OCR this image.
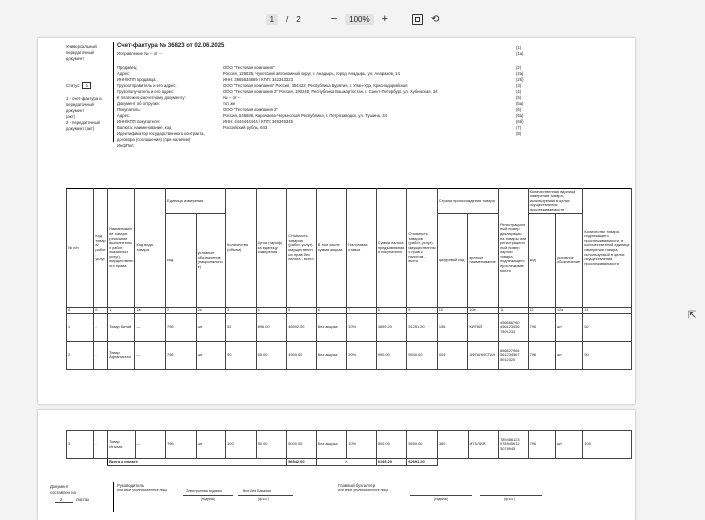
1	/ 2	−	100%	+	⟲
⇱
Универсальный
передаточный
документ
Статус: 1
1 - счет-фактура и
передаточный
документ
(акт)
2 - передаточный
документ (акт)
Счет-фактура № 36823 от 02.06.2025
Исправление № -- от --
(1)
(1а)
№ п/п	Код товара/ работ, услуг	Наименование товара (описание выполненных работ, оказанных услуг), имущественного права	Код вида товара	Единица измерения		Количество (объем)	Цена (тариф) за единицу измерения	Стоимость товаров (работ, услуг), имущественных прав без налога - всего	В том числе сумма акциза	Налоговая ставка	Сумма налога, предъявляемая покупателю	Стоимость товаров (работ, услуг), имущественных прав с налогом - всего	Страна происхождения товара		Регистрационный номер декларации на товары или регистрационный номер партии товара, подлежащего прослеживаемости	Количественная единица измерения товара, используемая в целях осуществления прослеживаемости		Количество товара, подлежащего прослеживаемости, в количественной единице измерения товара, используемой в целях осуществления прослеживаемости
				код	условное обозначение (национальное)								цифровой код	краткое наименование		код	условное обозначение	
А	Б	1	1а	2	2а	3	4	5	6	7	8	9	10	10а	11	12	12а	13
1	-	Товар Китай	—	796	шт	52	896.00	46592.00	Без акциза	10%	4659.20	51251.20	156	КИТАЙ	456666760 456123456 7891234	796	шт	52
2	-	Товар Афганистан	—	796	шт	90	55.00	4950.00	Без акциза	20%	990.00	5940.00	004	АФГАНИСТАН	666627964 561234567 8912325	796	шт	90
Продавец:	ООО "Тестовая компания"	(2)
Адрес:	Россия, 125635, Чукотский автономный округ, г. Анадырь, город Анадырь, ул. Анаразов, 14	(2а)
ИНН/КПП продавца:	ИНН: 3665634869 / КПП: 342343323	(2б)
Грузоотправитель и его адрес:	ООО "Тестовая компания" Россия, 354432, Республика Бурятия, г. Улан-Удэ, Краснодарийская	(3)
Грузополучатель и его адрес:	ООО "Тестовая компания 2" Россия, 190240, Республика Башкортостан, г. Санкт-Петербург, ул. Хубинская, 34	(4)
К платежно-расчетному документу:	№ -- от --	(5)
Документ об отгрузке:	тот же	(5а)
Покупатель:	ООО "Тестовая компания 2"	(6)
Адрес:	Россия, 545688, Карачаево-Черкесская Республика, г. Петрозаводск, ул. Тушина, 34	(6а)
ИНН/КПП покупателя:	ИНН: 4444444444 / КПП: 345345345	(6б)
Валюта: наименование, код	Российский рубль, 643	(7)
Идентификатор государственного контракта,	(8)
договора (соглашения) (при наличии)
ИнфПол:
3	-	Товар Италия	—	796	шт	100	50.00	5000.00	Без акциза	10%	500.00	5500.00	380	ИТАЛИЯ	789456123 078945612 3078945	796	шт	100
		Всего к оплате						56542.00	Х		6149.20	62691.20						
Документ
составлен на
2	листах
Руководитель
или иное уполномоченное лицо	Электронная подпись	Все Без Бакаоян
(подпись)	(ф.и.о.)
Главный бухгалтер
или иное уполномоченное лицо
(подпись)	(ф.и.о.)
